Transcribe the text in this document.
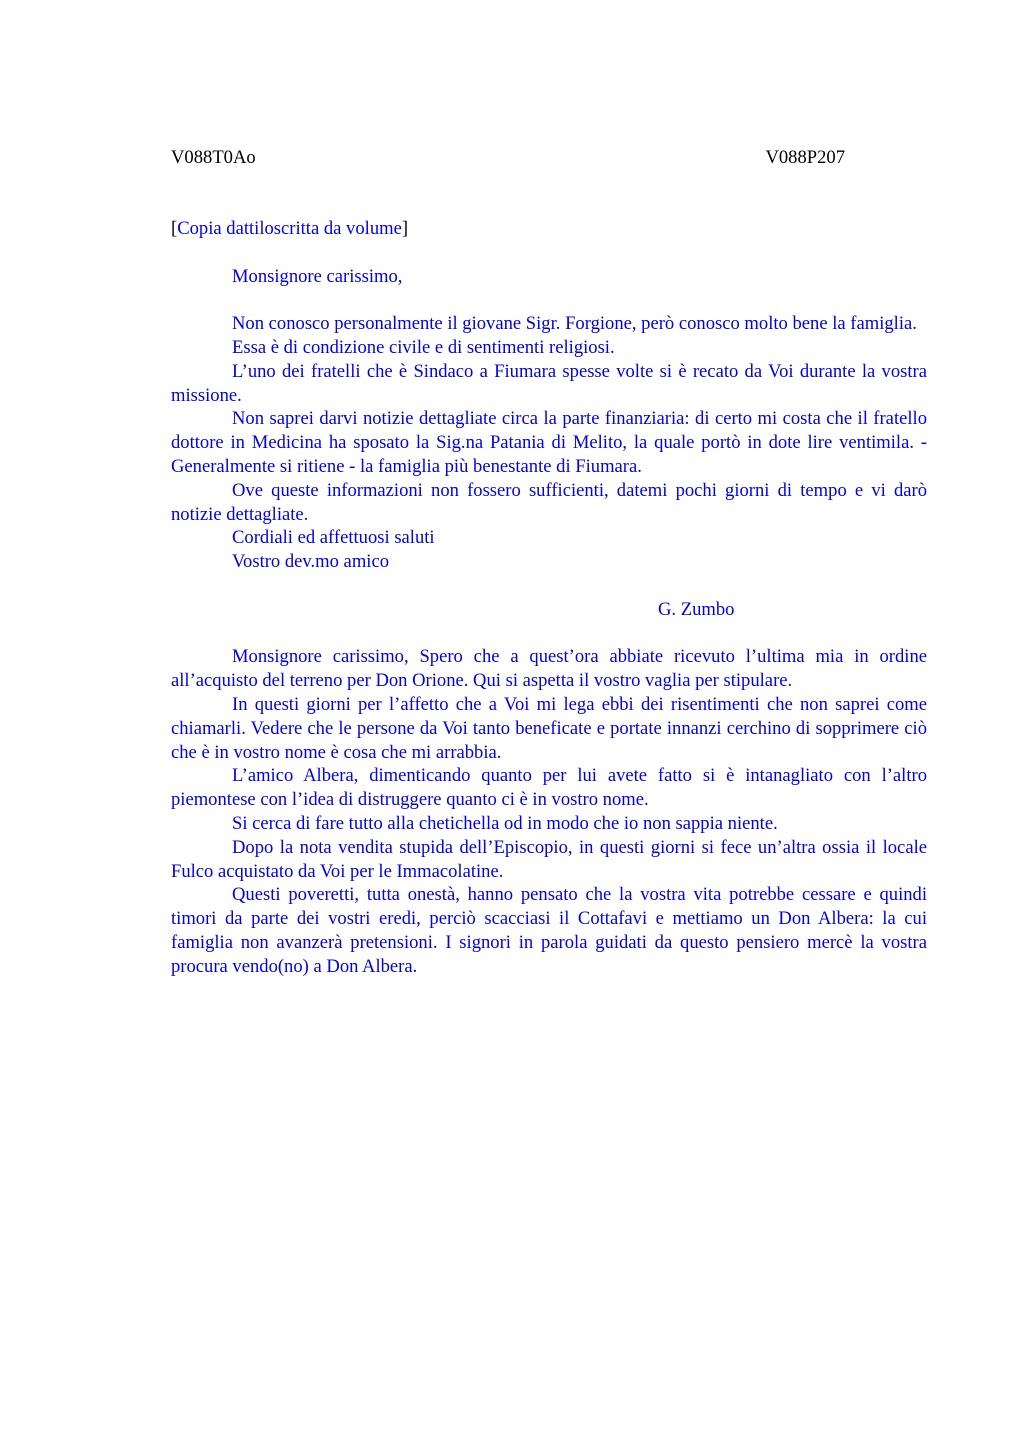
V088T0Ao	V088P207
[Copia dattiloscritta da volume]

Monsignore carissimo,

Non conosco personalmente il giovane Sigr. Forgione, però conosco molto bene la famiglia.

Essa è di condizione civile e di sentimenti religiosi.

L’uno dei fratelli che è Sindaco a Fiumara spesse volte si è recato da Voi durante la vostra missione.

Non saprei darvi notizie dettagliate circa la parte finanziaria: di certo mi costa che il fratello dottore in Medicina ha sposato la Sig.na Patania di Melito, la quale portò in dote lire ventimila. - Generalmente si ritiene - la famiglia più benestante di Fiumara.

Ove queste informazioni non fossero sufficienti, datemi pochi giorni di tempo e vi darò notizie dettagliate.

Cordiali ed affettuosi saluti

Vostro dev.mo amico

G. Zumbo

Monsignore carissimo, Spero che a quest’ora abbiate ricevuto l’ultima mia in ordine all’acquisto del terreno per Don Orione. Qui si aspetta il vostro vaglia per stipulare.

In questi giorni per l’affetto che a Voi mi lega ebbi dei risentimenti che non saprei come chiamarli. Vedere che le persone da Voi tanto beneficate e portate innanzi cerchino di sopprimere ciò che è in vostro nome è cosa che mi arrabbia.

L’amico Albera, dimenticando quanto per lui avete fatto si è intanagliato con l’altro piemontese con l’idea di distruggere quanto ci è in vostro nome.

Si cerca di fare tutto alla chetichella od in modo che io non sappia niente.

Dopo la nota vendita stupida dell’Episcopio, in questi giorni si fece un’altra ossia il locale Fulco acquistato da Voi per le Immacolatine.

Questi poveretti, tutta onestà, hanno pensato che la vostra vita potrebbe cessare e quindi timori da parte dei vostri eredi, perciò scacciasi il Cottafavi e mettiamo un Don Albera: la cui famiglia non avanzerà pretensioni. I signori in parola guidati da questo pensiero mercè la vostra procura vendo(no) a Don Albera.
